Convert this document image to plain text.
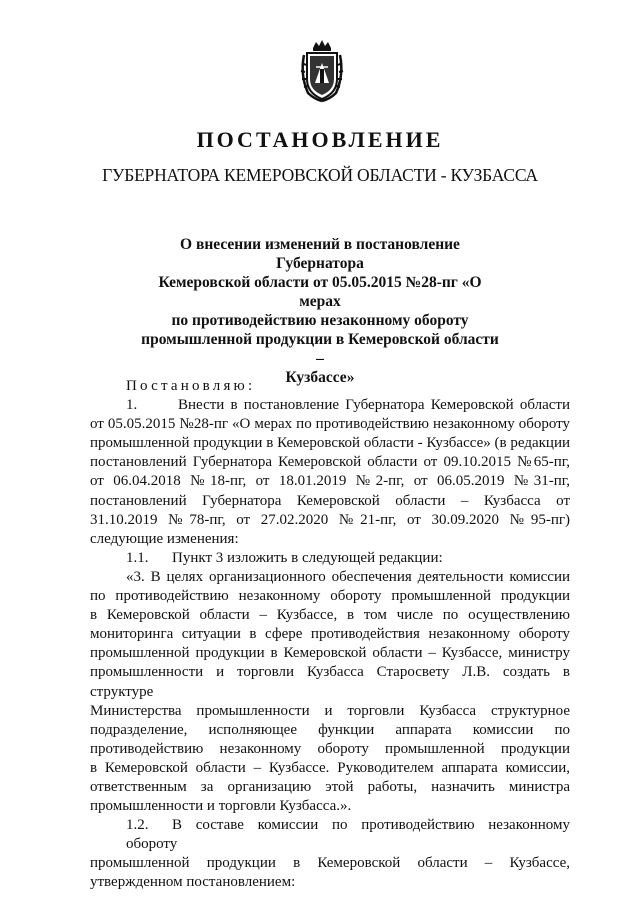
ПОСТАНОВЛЕНИЕ

ГУБЕРНАТОРА КЕМЕРОВСКОЙ ОБЛАСТИ - КУЗБАССА

О внесении изменений в постановление Губернатора
Кемеровской области от 05.05.2015 №28-пг «О мерах
по противодействию незаконному обороту
промышленной продукции в Кемеровской области –
Кузбассе»

Постановляю:

1.	Внести в постановление Губернатора Кемеровской области
от 05.05.2015 №28-пг «О мерах по противодействию незаконному обороту
промышленной продукции в Кемеровской области - Кузбассе» (в редакции
постановлений Губернатора Кемеровской области от 09.10.2015 №65-пг,
от 06.04.2018 №18-пг, от 18.01.2019 №2-пг, от 06.05.2019 №31-пг,
постановлений Губернатора Кемеровской области – Кузбасса от
31.10.2019 №78-пг, от 27.02.2020 №21-пг, от 30.09.2020 №95-пг)
следующие изменения:
1.1. Пункт 3 изложить в следующей редакции:
«3. В целях организационного обеспечения деятельности комиссии
по противодействию незаконному обороту промышленной продукции
в Кемеровской области – Кузбассе, в том числе по осуществлению
мониторинга ситуации в сфере противодействия незаконному обороту
промышленной продукции в Кемеровской области – Кузбассе, министру
промышленности и торговли Кузбасса Старосвету Л.В. создать в структуре
Министерства промышленности и торговли Кузбасса структурное
подразделение, исполняющее функции аппарата комиссии по
противодействию незаконному обороту промышленной продукции
в Кемеровской области – Кузбассе. Руководителем аппарата комиссии,
ответственным за организацию этой работы, назначить министра
промышленности и торговли Кузбасса.».
1.2. В составе комиссии по противодействию незаконному обороту
промышленной продукции в Кемеровской области – Кузбассе,
утвержденном постановлением:
